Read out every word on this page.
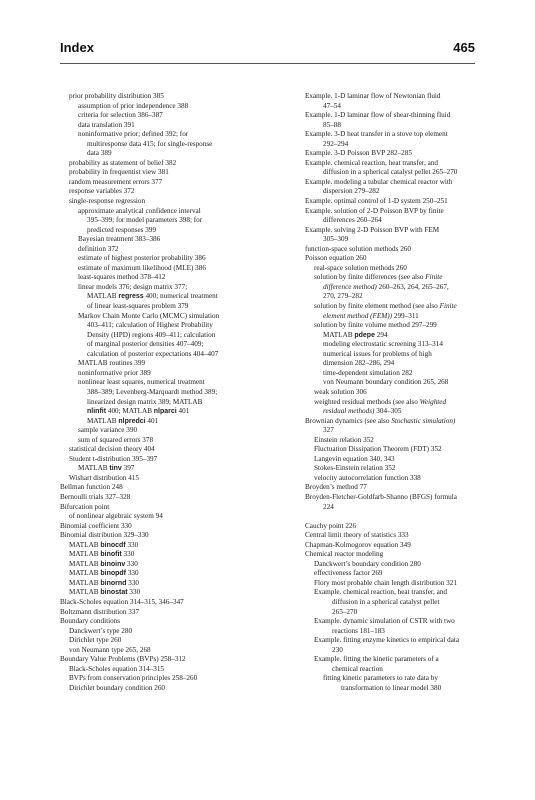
Index	465
prior probability distribution 385
assumption of prior independence 388
criteria for selection 386–387
data translation 391
noninformative prior; defined 392; for
multiresponse data 415; for single-response
data 389
probability as statement of belief 382
probability in frequentist view 381
random measurement errors 377
response variables 372
single-response regression
approximate analytical confidence interval
395–399; for model parameters 398; for
predicted responses 399
Bayesian treatment 383–386
definition 372
estimate of highest posterior probability 386
estimate of maximum likelihood (MLE) 386
least-squares method 378–412
linear models 376; design matrix 377;
MATLAB regress 400; numerical treatment
of linear least-squares problem 379
Markov Chain Monte Carlo (MCMC) simulation
403–411; calculation of Highest Probability
Density (HPD) regions 409–411; calculation
of marginal posterior densities 407–409;
calculation of posterior expectations 404–407
MATLAB routines 399
noninformative prior 389
nonlinear least squares, numerical treatment
388–389; Levenberg-Marquardt method 389;
linearized design matrix 389; MATLAB
nlinfit 400; MATLAB nlparci 401
MATLAB nlpredci 401
sample variance 390
sum of squared errors 378
statistical decision theory 404
Student t-distribution 395–397
MATLAB tinv 397
Wishart distribution 415
Bellman function 248
Bernoulli trials 327–328
Bifurcation point
of nonlinear algebraic system 94
Binomial coefficient 330
Binomial distribution 329–330
MATLAB binocdf 330
MATLAB binofit 330
MATLAB binoinv 330
MATLAB binopdf 330
MATLAB binornd 330
MATLAB binostat 330
Black-Scholes equation 314–315, 346–347
Boltzmann distribution 337
Boundary conditions
Danckwert’s type 280
Dirichlet type 260
von Neumann type 265, 268
Boundary Value Problems (BVPs) 258–312
Black-Scholes equation 314–315
BVPs from conservation principles 258–260
Dirichlet boundary condition 260
Example. 1-D laminar flow of Newtonian fluid
47–54
Example. 1-D laminar flow of shear-thinning fluid
85–88
Example. 3-D heat transfer in a stove top element
292–294
Example. 3-D Poisson BVP 282–285
Example. chemical reaction, heat transfer, and
diffusion in a spherical catalyst pellet 265–270
Example. modeling a tubular chemical reactor with
dispersion 279–282
Example. optimal control of 1-D system 250–251
Example. solution of 2-D Poisson BVP by finite
differences 260–264
Example. solving 2-D Poisson BVP with FEM
305–309
function-space solution methods 260
Poisson equation 260
real-space solution methods 260
solution by finite differences (see also Finite
difference method) 260–263, 264, 265–267,
270, 279–282
solution by finite element method (see also Finite
element method (FEM)) 299–311
solution by finite volume method 297–299
MATLAB pdepe 294
modeling electrostatic screening 313–314
numerical issues for problems of high
dimension 282–286, 294
time-dependent simulation 282
von Neumann boundary condition 265, 268
weak solution 306
weighted residual methods (see also Weighted
residual methods) 304–305
Brownian dynamics (see also Stochastic simulation)
327
Einstein relation 352
Fluctuation Dissipation Theorem (FDT) 352
Langevin equation 340, 343
Stokes-Einstein relation 352
velocity autocorrelation function 338
Broyden’s method 77
Broyden-Fletcher-Goldfarb-Shanno (BFGS) formula
224
Cauchy point 226
Central limit theory of statistics 333
Chapman-Kolmogorov equation 349
Chemical reactor modeling
Danckwert’s boundary condition 280
effectiveness factor 269
Flory most probable chain length distribution 321
Example. chemical reaction, heat transfer, and
diffusion in a spherical catalyst pellet
265–270
Example. dynamic simulation of CSTR with two
reactions 181–183
Example. fitting enzyme kinetics to empirical data
230
Example. fitting the kinetic parameters of a
chemical reaction
fitting kinetic parameters to rate data by
transformation to linear model 380
